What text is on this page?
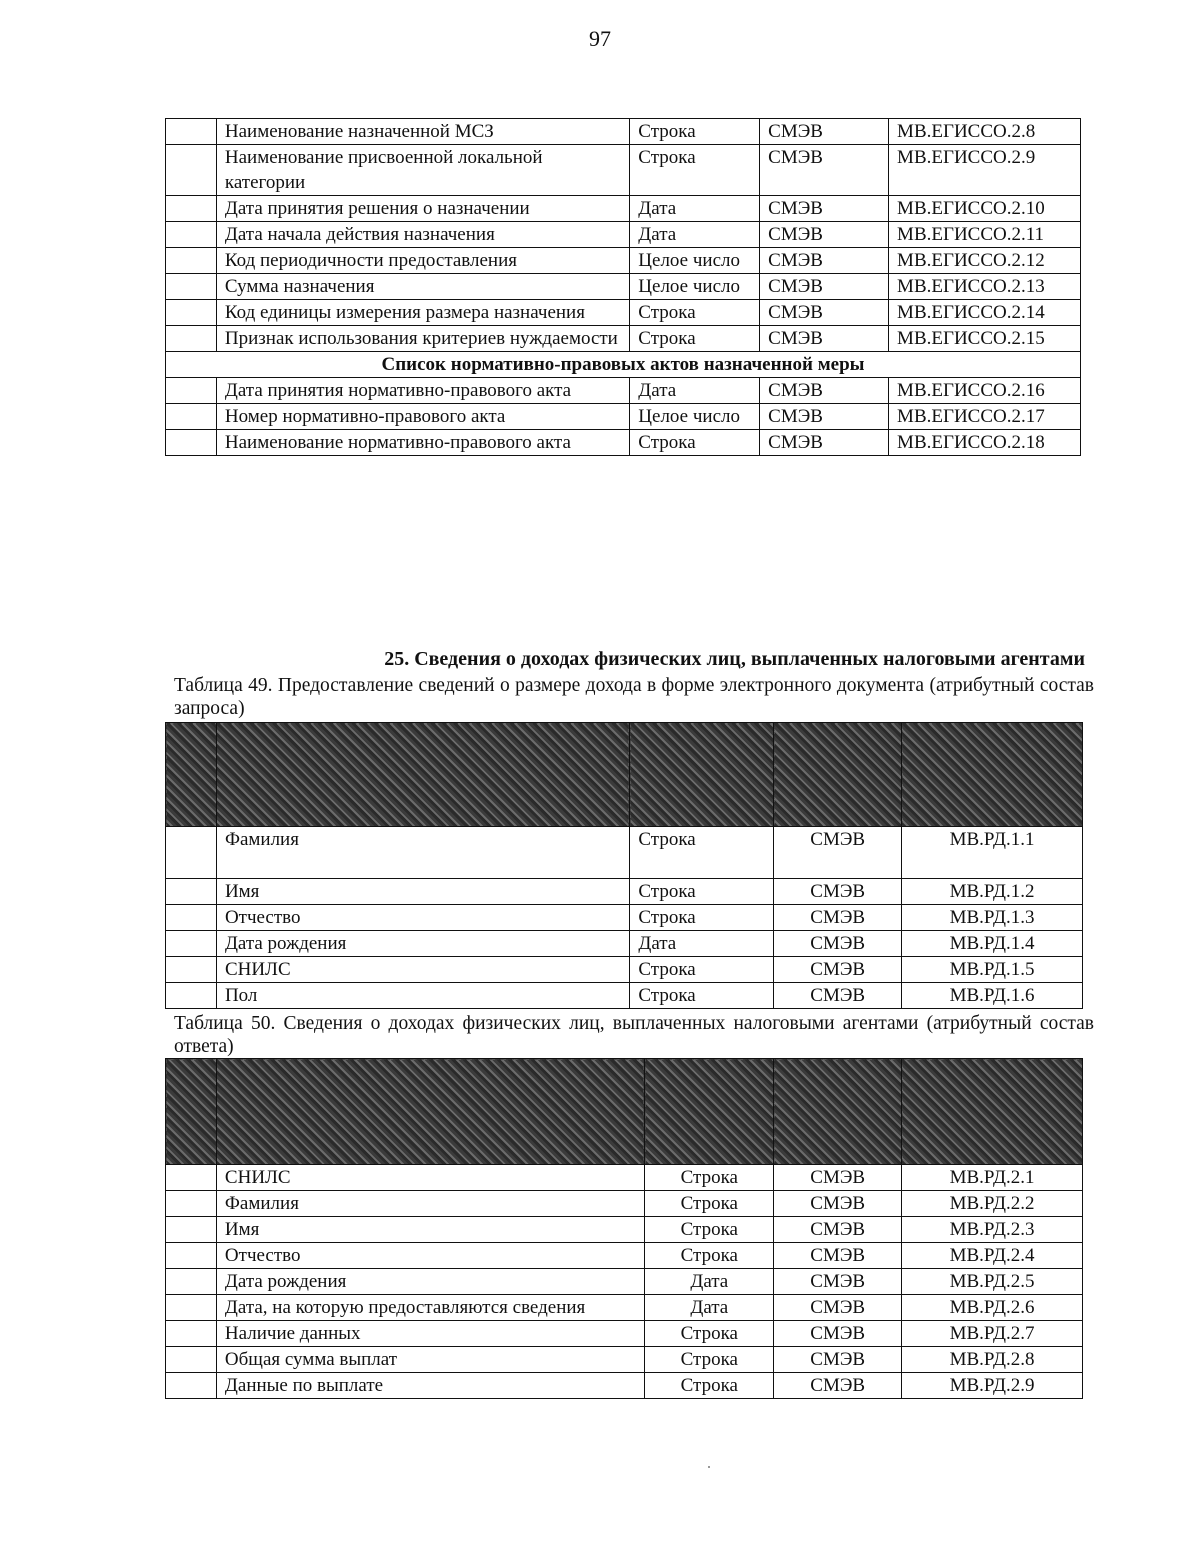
97
	Наименование назначенной МСЗ	Строка	СМЭВ	МВ.ЕГИССО.2.8
	Наименование присвоенной локальной категории	Строка	СМЭВ	МВ.ЕГИССО.2.9
	Дата принятия решения о назначении	Дата	СМЭВ	МВ.ЕГИССО.2.10
	Дата начала действия назначения	Дата	СМЭВ	МВ.ЕГИССО.2.11
	Код периодичности предоставления	Целое число	СМЭВ	МВ.ЕГИССО.2.12
	Сумма назначения	Целое число	СМЭВ	МВ.ЕГИССО.2.13
	Код единицы измерения размера назначения	Строка	СМЭВ	МВ.ЕГИССО.2.14
	Признак использования критериев нуждаемости	Строка	СМЭВ	МВ.ЕГИССО.2.15
Список нормативно-правовых актов назначенной меры				
	Дата принятия нормативно-правового акта	Дата	СМЭВ	МВ.ЕГИССО.2.16
	Номер нормативно-правового акта	Целое число	СМЭВ	МВ.ЕГИССО.2.17
	Наименование нормативно-правового акта	Строка	СМЭВ	МВ.ЕГИССО.2.18
25. Сведения о доходах физических лиц, выплаченных налоговыми агентами
Таблица 49. Предоставление сведений о размере дохода в форме электронного документа (атрибутный состав запроса)

	Фамилия	Строка	СМЭВ	МВ.РД.1.1
	Имя	Строка	СМЭВ	МВ.РД.1.2
	Отчество	Строка	СМЭВ	МВ.РД.1.3
	Дата рождения	Дата	СМЭВ	МВ.РД.1.4
	СНИЛС	Строка	СМЭВ	МВ.РД.1.5
	Пол	Строка	СМЭВ	МВ.РД.1.6
Таблица 50. Сведения о доходах физических лиц, выплаченных налоговыми агентами (атрибутный состав ответа)

	СНИЛС	Строка	СМЭВ	МВ.РД.2.1
	Фамилия	Строка	СМЭВ	МВ.РД.2.2
	Имя	Строка	СМЭВ	МВ.РД.2.3
	Отчество	Строка	СМЭВ	МВ.РД.2.4
	Дата рождения	Дата	СМЭВ	МВ.РД.2.5
	Дата, на которую предоставляются сведения	Дата	СМЭВ	МВ.РД.2.6
	Наличие данных	Строка	СМЭВ	МВ.РД.2.7
	Общая сумма выплат	Строка	СМЭВ	МВ.РД.2.8
	Данные по выплате	Строка	СМЭВ	МВ.РД.2.9
